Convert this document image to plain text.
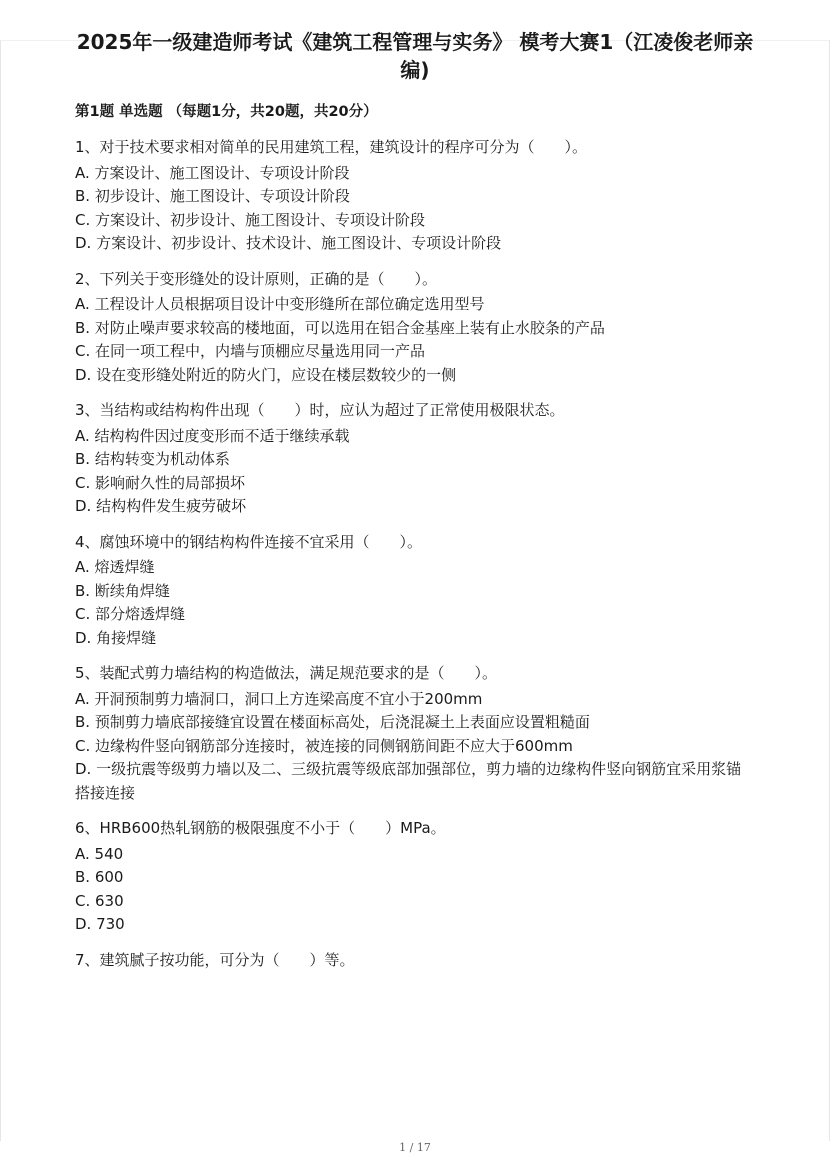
2025年一级建造师考试《建筑工程管理与实务》 模考大赛1（江凌俊老师亲编)
第1题 单选题 （每题1分，共20题，共20分）
1、对于技术要求相对简单的民用建筑工程，建筑设计的程序可分为（　　）。
A. 方案设计、施工图设计、专项设计阶段
B. 初步设计、施工图设计、专项设计阶段
C. 方案设计、初步设计、施工图设计、专项设计阶段
D. 方案设计、初步设计、技术设计、施工图设计、专项设计阶段
2、下列关于变形缝处的设计原则，正确的是（　　）。
A. 工程设计人员根据项目设计中变形缝所在部位确定选用型号
B. 对防止噪声要求较高的楼地面，可以选用在铝合金基座上装有止水胶条的产品
C. 在同一项工程中，内墙与顶棚应尽量选用同一产品
D. 设在变形缝处附近的防火门，应设在楼层数较少的一侧
3、当结构或结构构件出现（　　）时，应认为超过了正常使用极限状态。
A. 结构构件因过度变形而不适于继续承载
B. 结构转变为机动体系
C. 影响耐久性的局部损坏
D. 结构构件发生疲劳破坏
4、腐蚀环境中的钢结构构件连接不宜采用（　　）。
A. 熔透焊缝
B. 断续角焊缝
C. 部分熔透焊缝
D. 角接焊缝
5、装配式剪力墙结构的构造做法，满足规范要求的是（　　）。
A. 开洞预制剪力墙洞口，洞口上方连梁高度不宜小于200mm
B. 预制剪力墙底部接缝宜设置在楼面标高处，后浇混凝土上表面应设置粗糙面
C. 边缘构件竖向钢筋部分连接时，被连接的同侧钢筋间距不应大于600mm
D. 一级抗震等级剪力墙以及二、三级抗震等级底部加强部位，剪力墙的边缘构件竖向钢筋宜采用浆锚搭接连接
6、HRB600热轧钢筋的极限强度不小于（　　）MPa。
A. 540
B. 600
C. 630
D. 730
7、建筑腻子按功能，可分为（　　）等。
1 / 17
